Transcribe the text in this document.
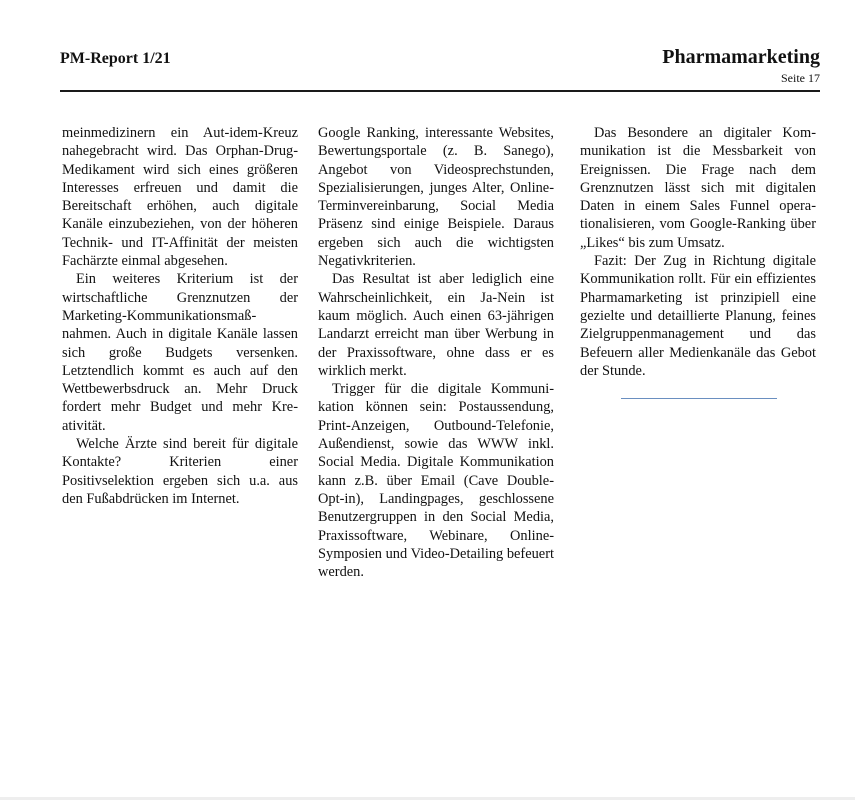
PM-Report 1/21	Pharmamarketing
Seite 17

meinmedizinern ein Aut-idem-Kreuz nahegebracht wird. Das Orphan-Drug-Medikament wird sich eines größeren Interesses erfreuen und damit die Bereitschaft erhöhen, auch digitale Kanäle einzubeziehen, von der höheren Technik- und IT-Affinität der meisten Fachärzte einmal abgesehen.

Ein weiteres Kriterium ist der wirtschaftliche Grenznutzen der Marketing-Kommunikationsmaßnahmen. Auch in digitale Kanäle lassen sich große Budgets versenken. Letztendlich kommt es auch auf den Wettbewerbsdruck an. Mehr Druck fordert mehr Budget und mehr Kreativität.

Welche Ärzte sind bereit für digitale Kontakte? Kriterien einer Positivselektion ergeben sich u.a. aus den Fußabdrücken im Internet.

Google Ranking, interessante Websites, Bewertungsportale (z. B. Sanego), Angebot von Videosprechstunden, Spezialisierungen, junges Alter, Online-Terminvereinbarung, Social Media Präsenz sind einige Beispiele. Daraus ergeben sich auch die wichtigsten Negativkriterien.

Das Resultat ist aber lediglich eine Wahrscheinlichkeit, ein Ja-Nein ist kaum möglich. Auch einen 63-jährigen Landarzt erreicht man über Werbung in der Praxissoftware, ohne dass er es wirklich merkt.

Trigger für die digitale Kommunikation können sein: Postaussendung, Print-Anzeigen, Outbound-Telefonie, Außendienst, sowie das WWW inkl. Social Media. Digitale Kommunikation kann z.B. über Email (Cave Double-Opt-in), Landingpages, geschlossene Benutzergruppen in den Social Media, Praxissoftware, Webinare, Online-Symposien und Video-Detailing befeuert werden.

Das Besondere an digitaler Kommunikation ist die Messbarkeit von Ereignissen. Die Frage nach dem Grenznutzen lässt sich mit digitalen Daten in einem Sales Funnel operationalisieren, vom Google-Ranking über „Likes“ bis zum Umsatz.

Fazit: Der Zug in Richtung digitale Kommunikation rollt. Für ein effizientes Pharmamarketing ist prinzipiell eine gezielte und detaillierte Planung, feines Zielgruppenmanagement und das Befeuern aller Medienkanäle das Gebot der Stunde.
